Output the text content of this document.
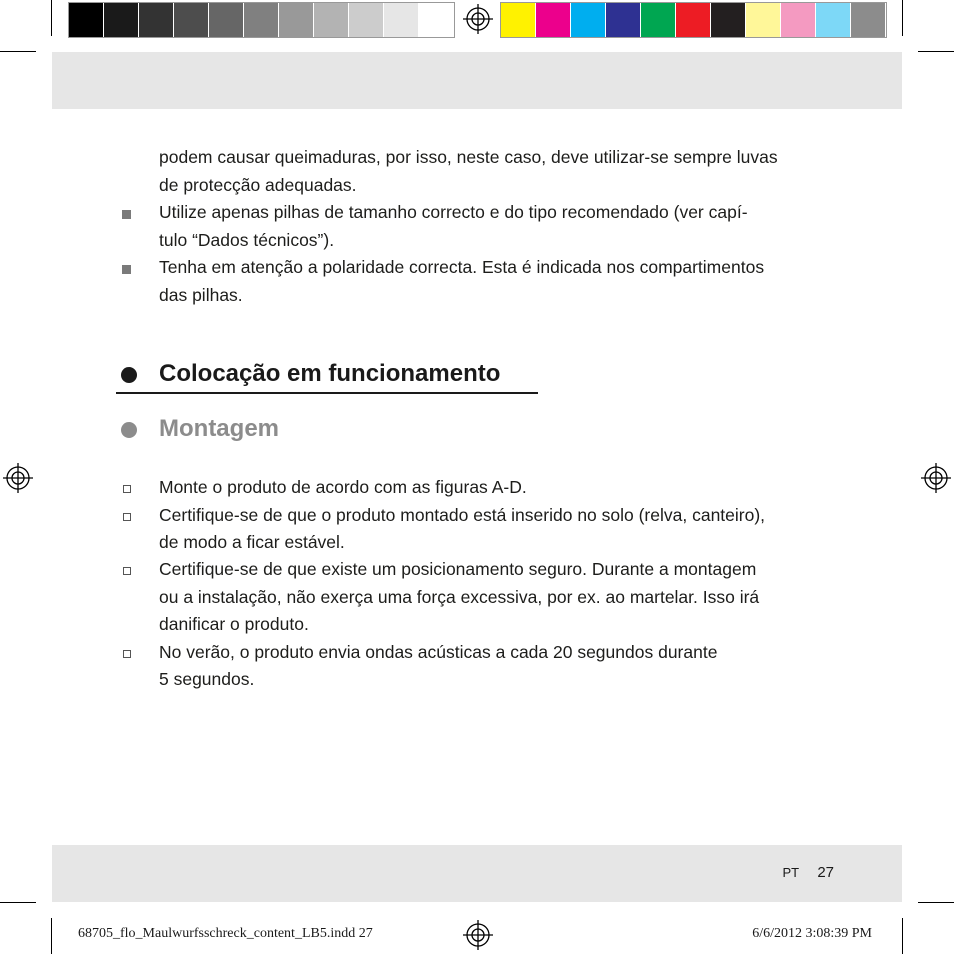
podem causar queimaduras, por isso, neste caso, deve utilizar-se sempre luvas
de protecção adequadas.
Utilize apenas pilhas de tamanho correcto e do tipo recomendado (ver capí-
tulo “Dados técnicos”).
Tenha em atenção a polaridade correcta. Esta é indicada nos compartimentos
das pilhas.
Colocação em funcionamento
Montagem
Monte o produto de acordo com as figuras A-D.
Certifique-se de que o produto montado está inserido no solo (relva, canteiro),
de modo a ficar estável.
Certifique-se de que existe um posicionamento seguro. Durante a montagem
ou a instalação, não exerça uma força excessiva, por ex. ao martelar. Isso irá
danificar o produto.
No verão, o produto envia ondas acústicas a cada 20 segundos durante
5 segundos.
PT 27
68705_flo_Maulwurfsschreck_content_LB5.indd 27	6/6/2012 3:08:39 PM
